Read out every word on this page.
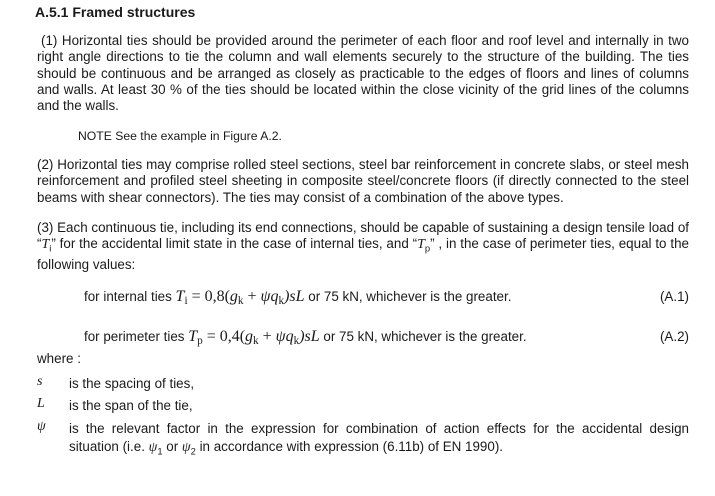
A.5.1 Framed structures
(1) Horizontal ties should be provided around the perimeter of each floor and roof level and internally in two right angle directions to tie the column and wall elements securely to the structure of the building. The ties should be continuous and be arranged as closely as practicable to the edges of floors and lines of columns and walls. At least 30 % of the ties should be located within the close vicinity of the grid lines of the columns and the walls.
NOTE See the example in Figure A.2.
(2) Horizontal ties may comprise rolled steel sections, steel bar reinforcement in concrete slabs, or steel mesh reinforcement and profiled steel sheeting in composite steel/concrete floors (if directly connected to the steel beams with shear connectors). The ties may consist of a combination of the above types.
(3) Each continuous tie, including its end connections, should be capable of sustaining a design tensile load of “$T_i$” for the accidental limit state in the case of internal ties, and “$T_p$” , in the case of perimeter ties, equal to the following values:
for internal ties Ti = 0,8(gk + ψqk)sL or 75 kN, whichever is the greater.	(A.1)
for perimeter ties Tp = 0,4(gk + ψqk)sL or 75 kN, whichever is the greater.	(A.2)
where :
s	is the spacing of ties,
L	is the span of the tie,
ψ	is the relevant factor in the expression for combination of action effects for the accidental design situation (i.e. $\psi_1$ or $\psi_2$ in accordance with expression (6.11b) of EN 1990).
